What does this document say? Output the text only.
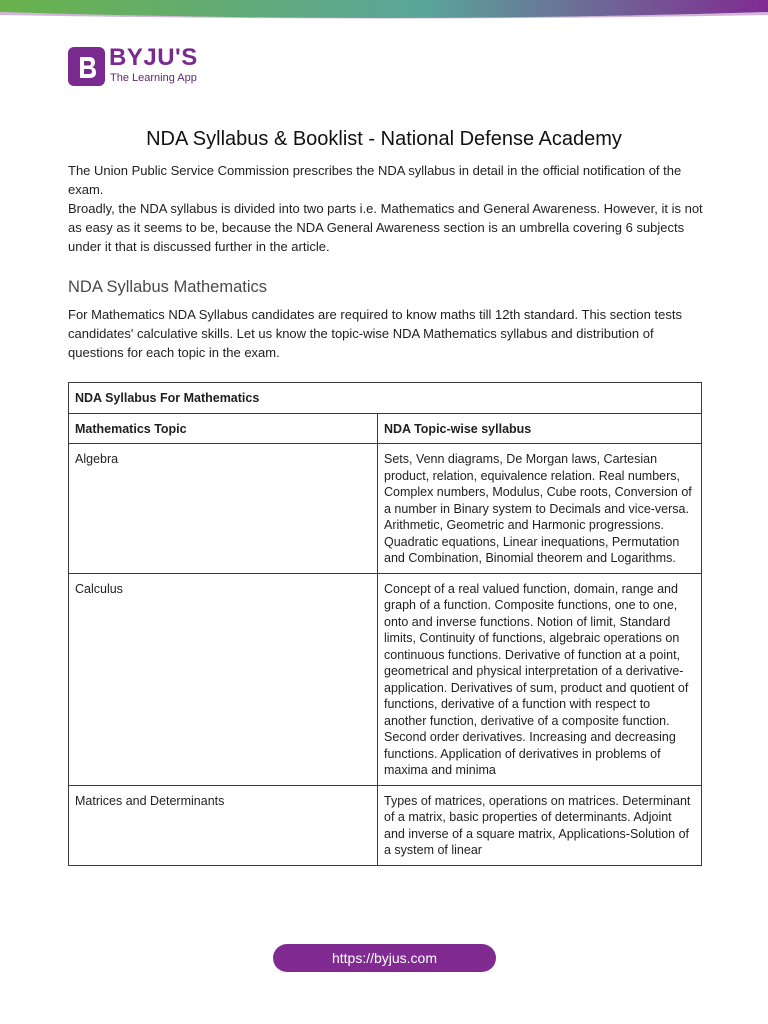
BYJU'S
The Learning App
NDA Syllabus & Booklist - National Defense Academy
The Union Public Service Commission prescribes the NDA syllabus in detail in the official notification of the exam.
Broadly, the NDA syllabus is divided into two parts i.e. Mathematics and General Awareness. However, it is not as easy as it seems to be, because the NDA General Awareness section is an umbrella covering 6 subjects under it that is discussed further in the article.
NDA Syllabus Mathematics
For Mathematics NDA Syllabus candidates are required to know maths till 12th standard. This section tests candidates' calculative skills. Let us know the topic-wise NDA Mathematics syllabus and distribution of questions for each topic in the exam.
NDA Syllabus For Mathematics	
Mathematics Topic	NDA Topic-wise syllabus
Algebra	Sets, Venn diagrams, De Morgan laws, Cartesian product, relation, equivalence relation. Real numbers, Complex numbers, Modulus, Cube roots, Conversion of a number in Binary system to Decimals and vice-versa. Arithmetic, Geometric and Harmonic progressions. Quadratic equations, Linear inequations, Permutation and Combination, Binomial theorem and Logarithms.
Calculus	Concept of a real valued function, domain, range and graph of a function. Composite functions, one to one, onto and inverse functions. Notion of limit, Standard limits, Continuity of functions, algebraic operations on continuous functions. Derivative of function at a point, geometrical and physical interpretation of a derivative-application. Derivatives of sum, product and quotient of functions, derivative of a function with respect to another function, derivative of a composite function. Second order derivatives. Increasing and decreasing functions. Application of derivatives in problems of maxima and minima
Matrices and Determinants	Types of matrices, operations on matrices. Determinant of a matrix, basic properties of determinants. Adjoint and inverse of a square matrix, Applications-Solution of a system of linear
https://byjus.com
